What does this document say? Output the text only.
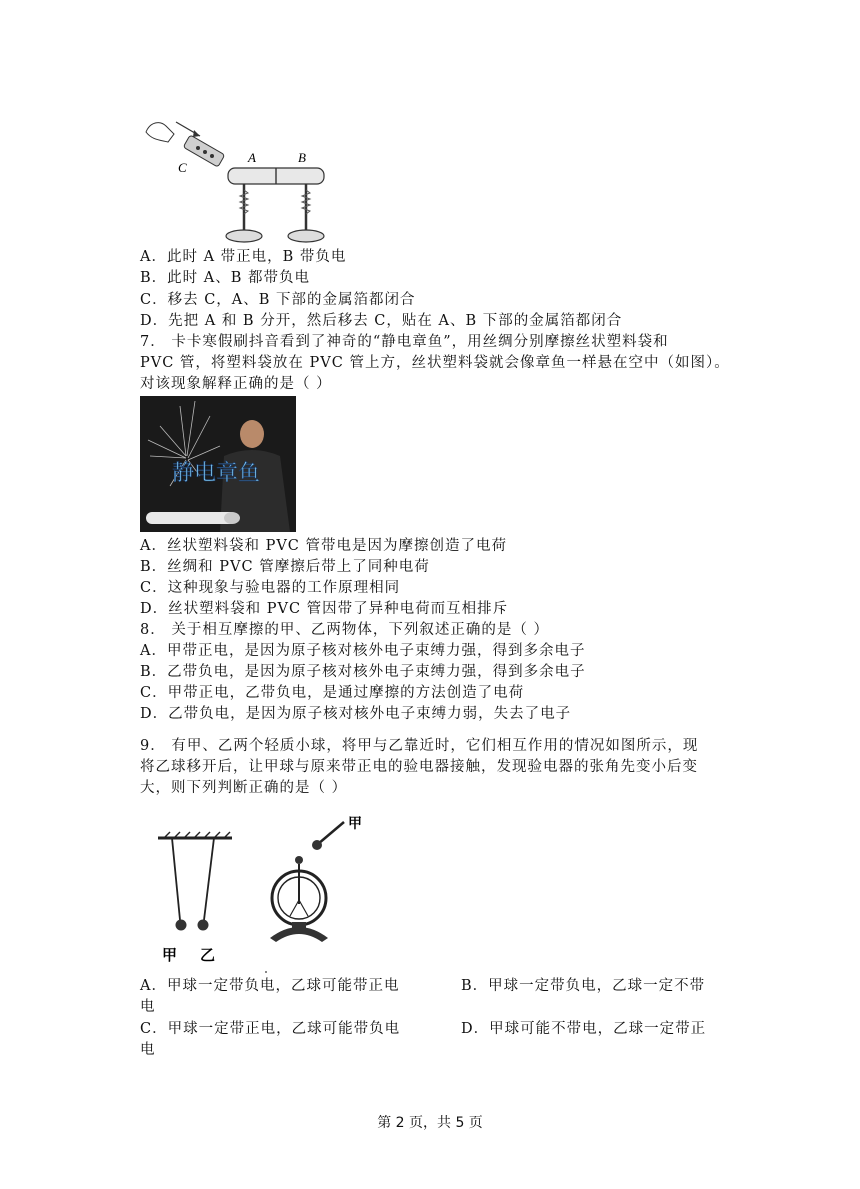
C
A	B
A．此时 A 带正电，B 带负电
B．此时 A、B 都带负电
C．移去 C，A、B 下部的金属箔都闭合
D．先把 A 和 B 分开，然后移去 C，贴在 A、B 下部的金属箔都闭合
7． 卡卡寒假刷抖音看到了神奇的“静电章鱼”，用丝绸分别摩擦丝状塑料袋和
PVC 管，将塑料袋放在 PVC 管上方，丝状塑料袋就会像章鱼一样悬在空中（如图）。
对该现象解释正确的是（ ）
静电章鱼
A．丝状塑料袋和 PVC 管带电是因为摩擦创造了电荷
B．丝绸和 PVC 管摩擦后带上了同种电荷
C．这种现象与验电器的工作原理相同
D．丝状塑料袋和 PVC 管因带了异种电荷而互相排斥
8． 关于相互摩擦的甲、乙两物体，下列叙述正确的是（ ）
A．甲带正电，是因为原子核对核外电子束缚力强，得到多余电子
B．乙带负电，是因为原子核对核外电子束缚力强，得到多余电子
C．甲带正电，乙带负电，是通过摩擦的方法创造了电荷
D．乙带负电，是因为原子核对核外电子束缚力弱，失去了电子
9． 有甲、乙两个轻质小球，将甲与乙靠近时，它们相互作用的情况如图所示，现
将乙球移开后，让甲球与原来带正电的验电器接触，发现验电器的张角先变小后变
大，则下列判断正确的是（ ）
甲 乙
甲
A．甲球一定带负电，乙球可能带正电	B．甲球一定带负电，乙球一定不带
电
C．甲球一定带正电，乙球可能带负电	D．甲球可能不带电，乙球一定带正
电
第 2 页，共 5 页
